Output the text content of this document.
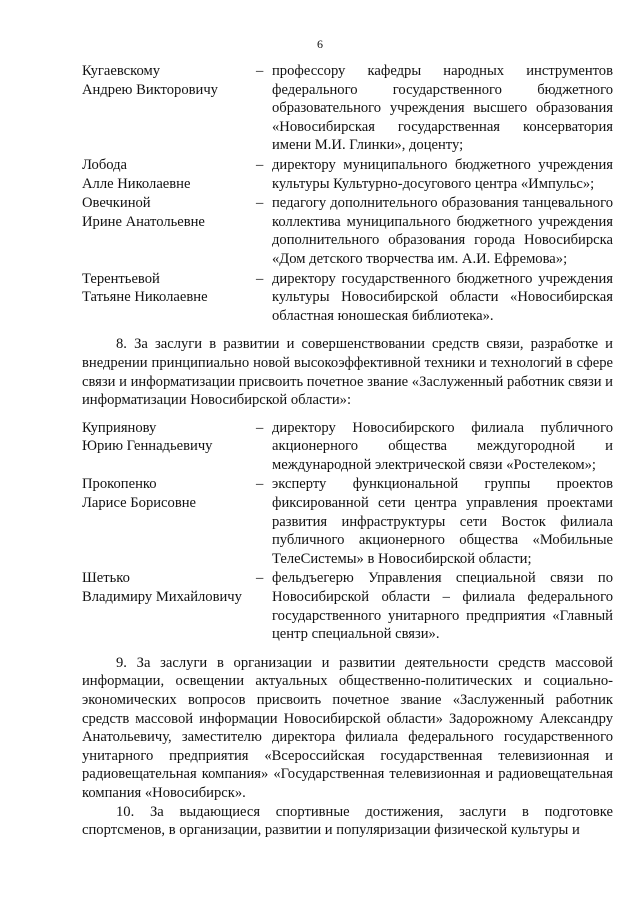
6
Кугаевскому
Андрею Викторовичу
– профессору кафедры народных инструментов федерального государственного бюджетного образовательного учреждения высшего образования «Новосибирская государственная консерватория имени М.И. Глинки», доценту;
Лобода
Алле Николаевне
– директору муниципального бюджетного учреждения культуры Культурно-досугового центра «Импульс»;
Овечкиной
Ирине Анатольевне
– педагогу дополнительного образования танцевального коллектива муниципального бюджетного учреждения дополнительного образования города Новосибирска «Дом детского творчества им. А.И. Ефремова»;
Терентьевой
Татьяне Николаевне
– директору государственного бюджетного учреждения культуры Новосибирской области «Новосибирская областная юношеская библиотека».

8. За заслуги в развитии и совершенствовании средств связи, разработке и внедрении принципиально новой высокоэффективной техники и технологий в сфере связи и информатизации присвоить почетное звание «Заслуженный работник связи и информатизации Новосибирской области»:

Куприянову
Юрию Геннадьевичу
– директору Новосибирского филиала публичного акционерного общества междугородной и международной электрической связи «Ростелеком»;
Прокопенко
Ларисе Борисовне
– эксперту функциональной группы проектов фиксированной сети центра управления проектами развития инфраструктуры сети Восток филиала публичного акционерного общества «Мобильные ТелеСистемы» в Новосибирской области;
Шетько
Владимиру Михайловичу
– фельдъегерю Управления специальной связи по Новосибирской области – филиала федерального государственного унитарного предприятия «Главный центр специальной связи».

9. За заслуги в организации и развитии деятельности средств массовой информации, освещении актуальных общественно-политических и социально-экономических вопросов присвоить почетное звание «Заслуженный работник средств массовой информации Новосибирской области» Задорожному Александру Анатольевичу, заместителю директора филиала федерального государственного унитарного предприятия «Всероссийская государственная телевизионная и радиовещательная компания» «Государственная телевизионная и радиовещательная компания «Новосибирск».

10. За выдающиеся спортивные достижения, заслуги в подготовке спортсменов, в организации, развитии и популяризации физической культуры и
